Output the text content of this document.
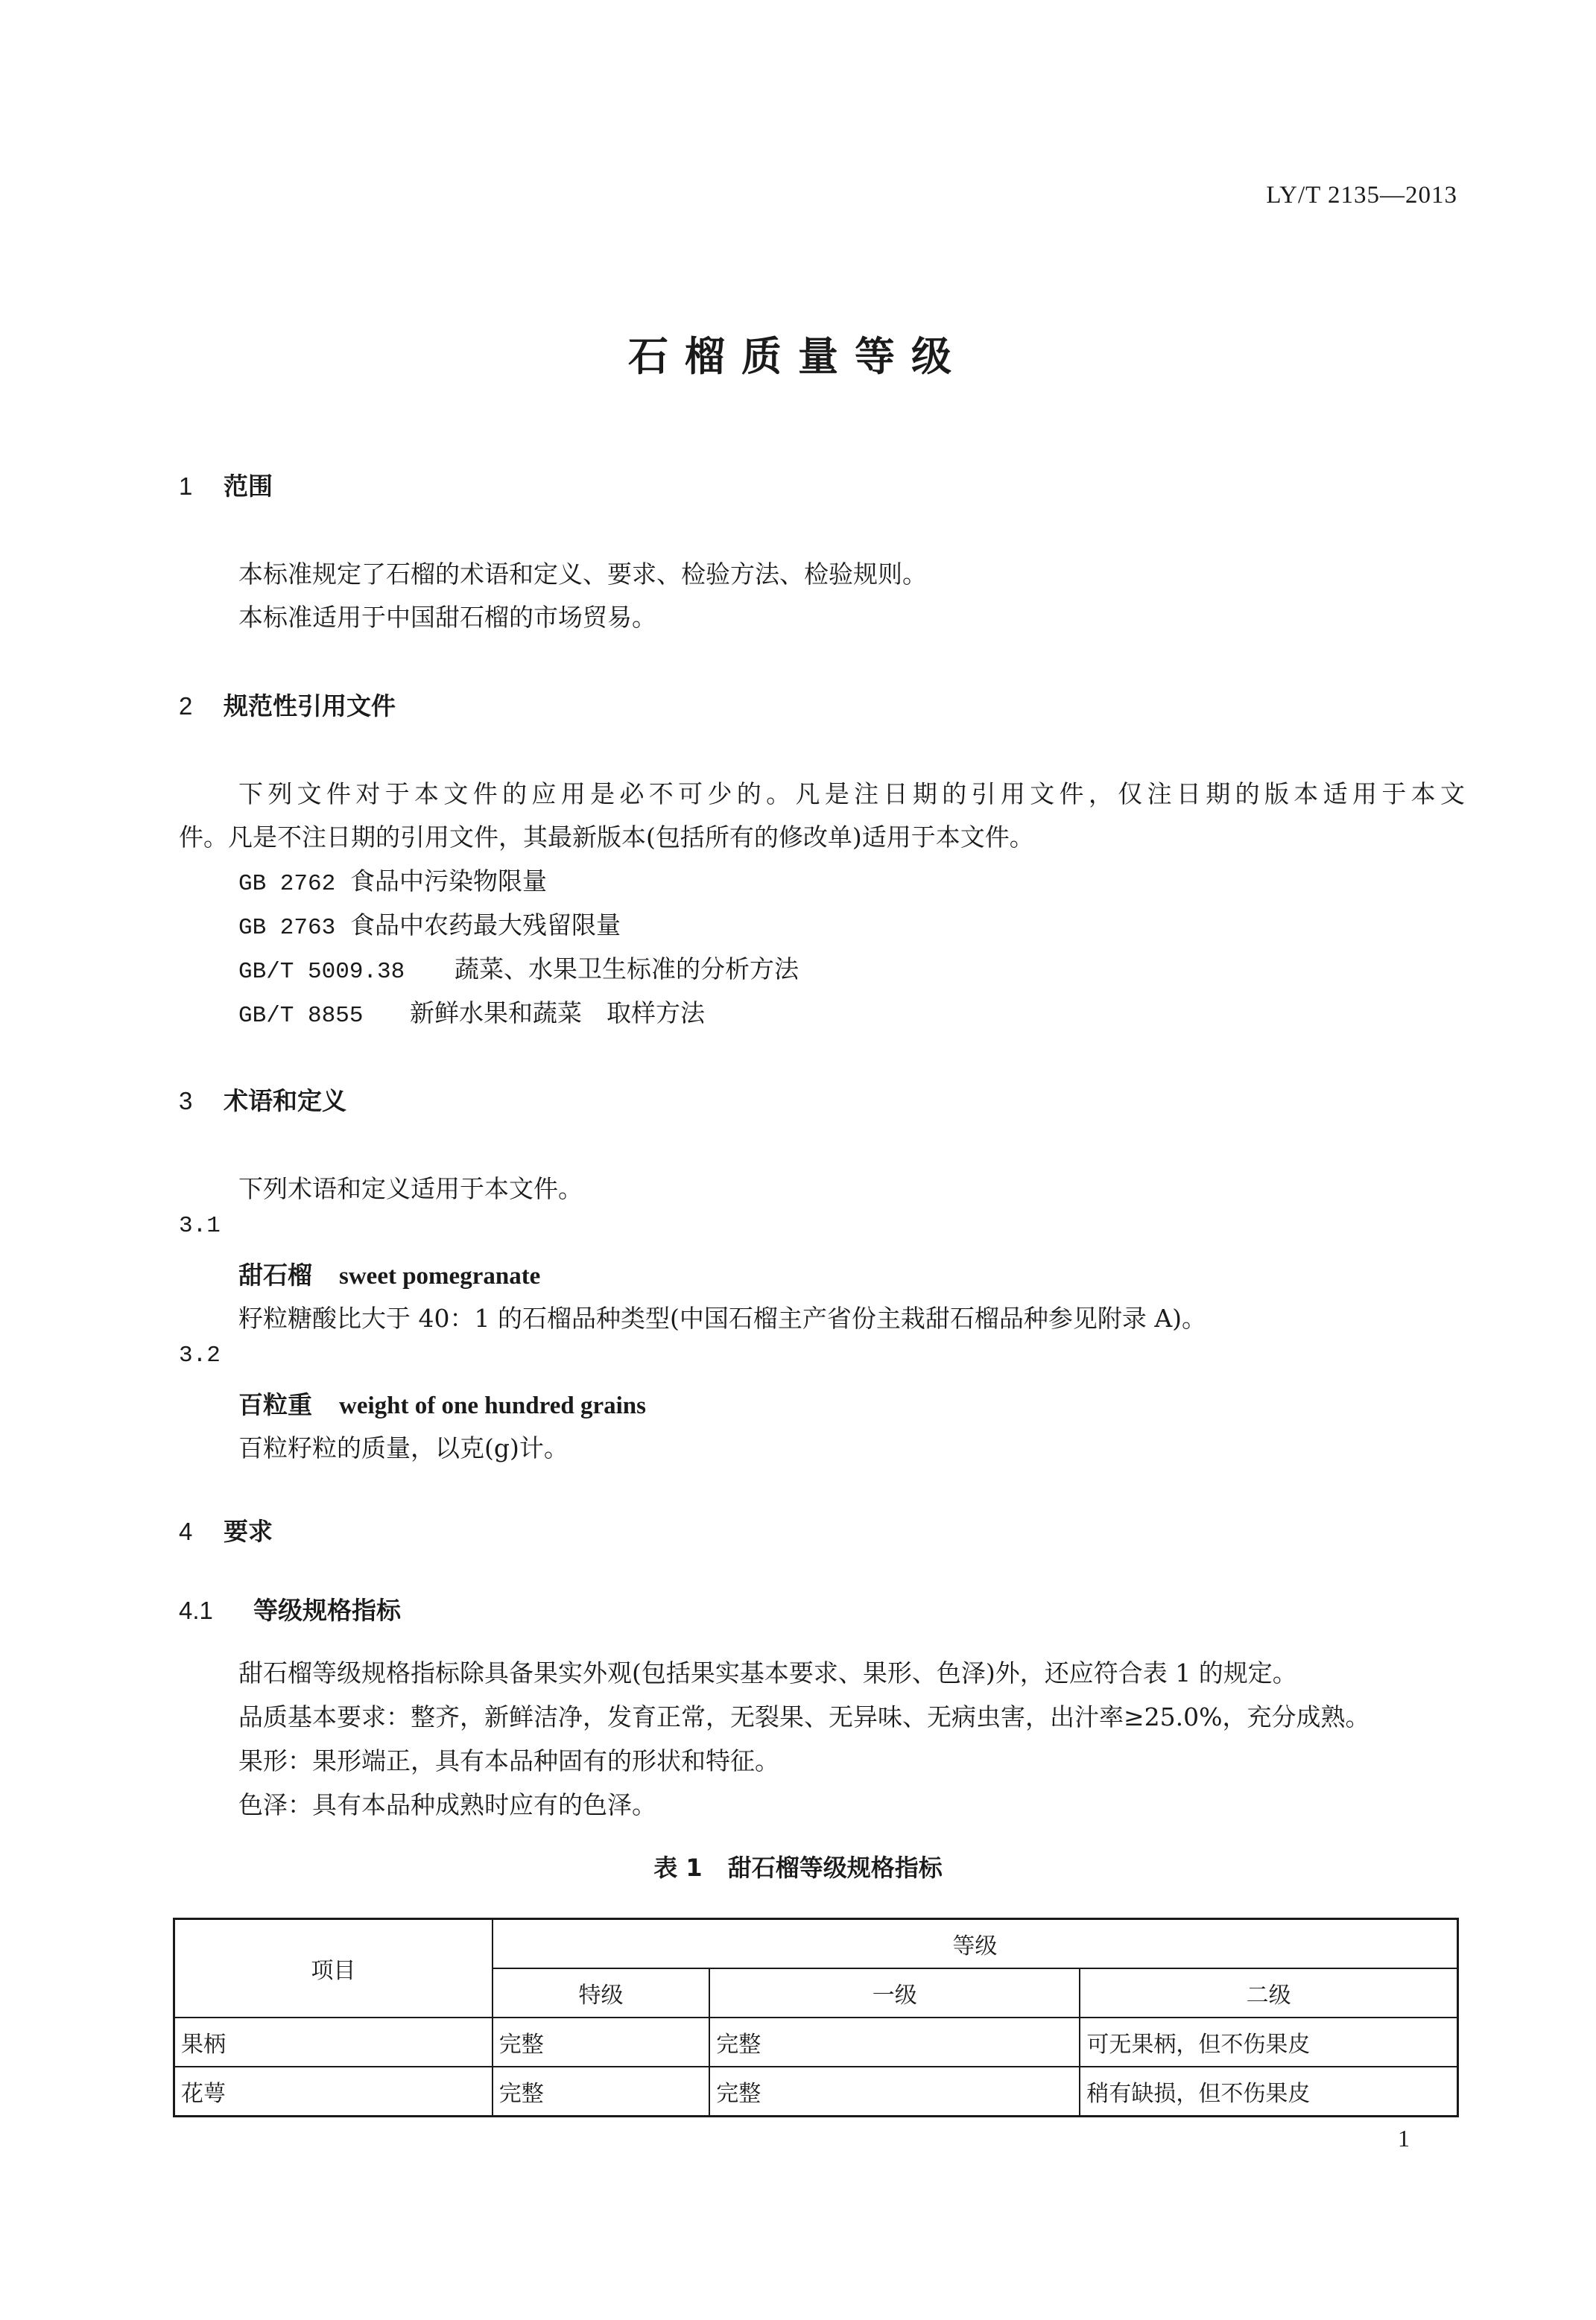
LY/T 2135—2013
石榴质量等级
1 范围
本标准规定了石榴的术语和定义、要求、检验方法、检验规则。
本标准适用于中国甜石榴的市场贸易。
2 规范性引用文件
下列文件对于本文件的应用是必不可少的。凡是注日期的引用文件，仅注日期的版本适用于本文
件。凡是不注日期的引用文件，其最新版本(包括所有的修改单)适用于本文件。
GB 2762 食品中污染物限量
GB 2763 食品中农药最大残留限量
GB/T 5009.38 蔬菜、水果卫生标准的分析方法
GB/T 8855 新鲜水果和蔬菜　取样方法
3 术语和定义
下列术语和定义适用于本文件。
3.1
甜石榴 sweet pomegranate
籽粒糖酸比大于 40：1 的石榴品种类型(中国石榴主产省份主栽甜石榴品种参见附录 A)。
3.2
百粒重 weight of one hundred grains
百粒籽粒的质量，以克(g)计。
4 要求
4.1 等级规格指标
甜石榴等级规格指标除具备果实外观(包括果实基本要求、果形、色泽)外，还应符合表 1 的规定。
品质基本要求：整齐，新鲜洁净，发育正常，无裂果、无异味、无病虫害，出汁率≥25.0%，充分成熟。
果形：果形端正，具有本品种固有的形状和特征。
色泽：具有本品种成熟时应有的色泽。
表 1 甜石榴等级规格指标
项目	等级		
	特级	一级	二级
果柄	完整	完整	可无果柄，但不伤果皮
花萼	完整	完整	稍有缺损，但不伤果皮
1
